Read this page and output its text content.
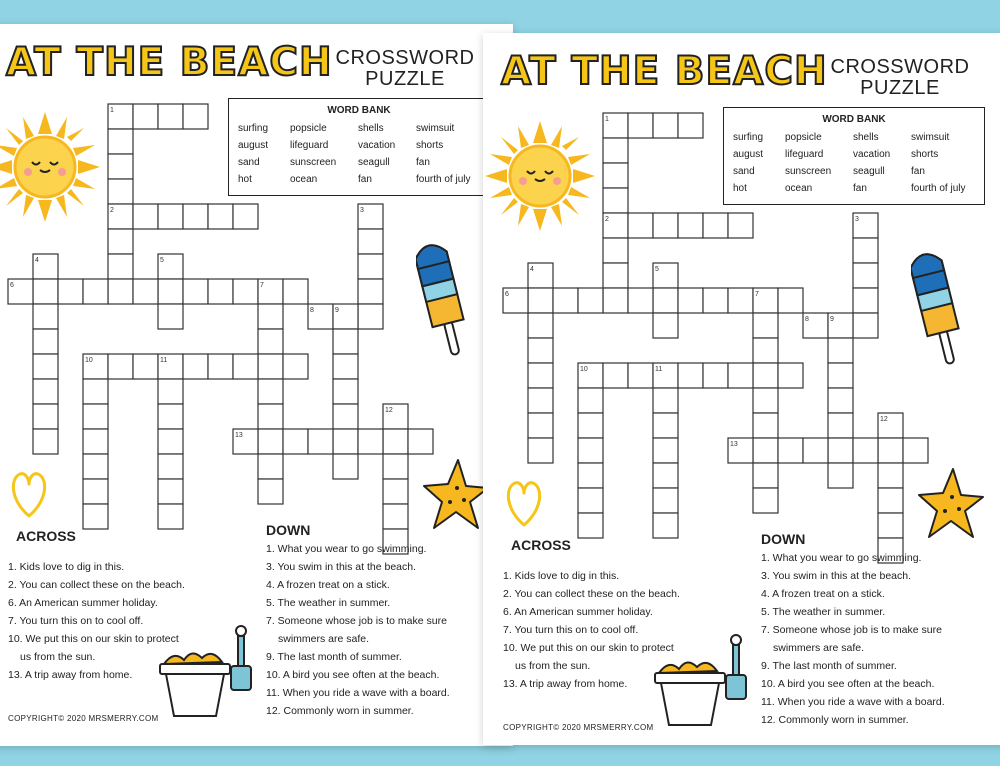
AT THE BEACH CROSSWORD
PUZZLE
WORD BANK
surfing	popsicle	shells	swimsuit
august	lifeguard	vacation	shorts
sand	sunscreen	seagull	fan
hot	ocean	fan	fourth of july
1
2	3
4	5
6	7
8	9
10	11
12
13
ACROSS
1. Kids love to dig in this.
2. You can collect these on the beach.
6. An American summer holiday.
7. You turn this on to cool off.
10. We put this on our skin to protect
us from the sun.
13. A trip away from home.
DOWN
1. What you wear to go swimming.
3. You swim in this at the beach.
4. A frozen treat on a stick.
5. The weather in summer.
7. Someone whose job is to make sure
swimmers are safe.
9. The last month of summer.
10. A bird you see often at the beach.
11. When you ride a wave with a board.
12. Commonly worn in summer.
COPYRIGHT© 2020 MRSMERRY.COM
AT THE BEACH CROSSWORD
PUZZLE
WORD BANK
surfing	popsicle	shells	swimsuit
august	lifeguard	vacation	shorts
sand	sunscreen	seagull	fan
hot	ocean	fan	fourth of july
1
2	3
4	5
6	7
8	9
10	11
12
13
ACROSS
1. Kids love to dig in this.
2. You can collect these on the beach.
6. An American summer holiday.
7. You turn this on to cool off.
10. We put this on our skin to protect
us from the sun.
13. A trip away from home.
DOWN
1. What you wear to go swimming.
3. You swim in this at the beach.
4. A frozen treat on a stick.
5. The weather in summer.
7. Someone whose job is to make sure
swimmers are safe.
9. The last month of summer.
10. A bird you see often at the beach.
11. When you ride a wave with a board.
12. Commonly worn in summer.
COPYRIGHT© 2020 MRSMERRY.COM
